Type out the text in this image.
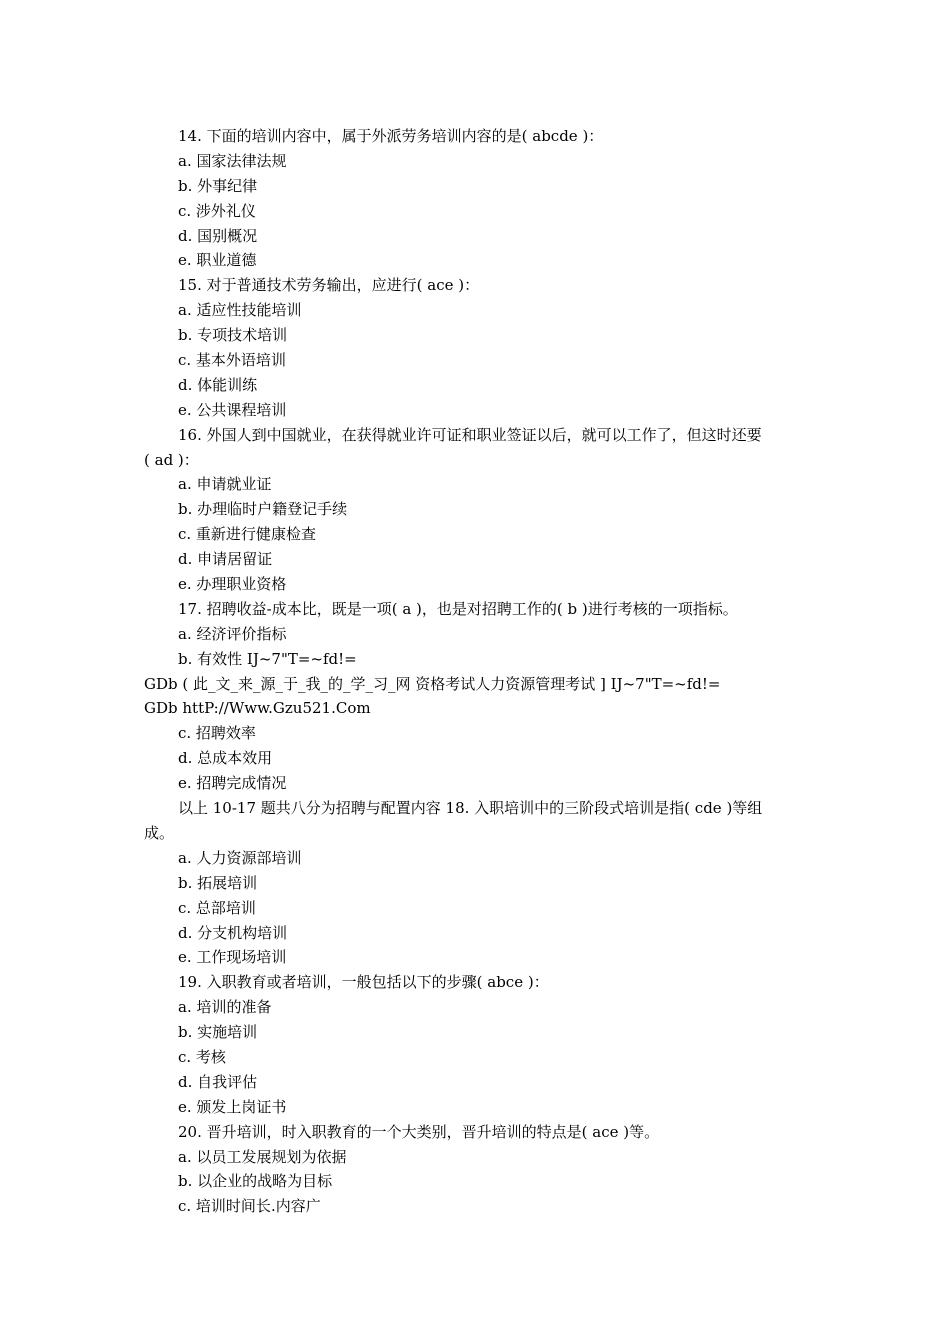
14. 下面的培训内容中，属于外派劳务培训内容的是( abcde )：
a. 国家法律法规
b. 外事纪律
c. 涉外礼仪
d. 国别概况
e. 职业道德
15. 对于普通技术劳务输出，应进行( ace )：
a. 适应性技能培训
b. 专项技术培训
c. 基本外语培训
d. 体能训练
e. 公共课程培训
16. 外国人到中国就业，在获得就业许可证和职业签证以后，就可以工作了，但这时还要
( ad )：
a. 申请就业证
b. 办理临时户籍登记手续
c. 重新进行健康检查
d. 申请居留证
e. 办理职业资格
17. 招聘收益-成本比，既是一项( a )，也是对招聘工作的( b )进行考核的一项指标。
a. 经济评价指标
b. 有效性 IJ~7"T=~fd!=
GDb ( 此_文_来_源_于_我_的_学_习_网 资格考试人力资源管理考试 ] IJ~7"T=~fd!=
GDb httP://Www.Gzu521.Com
c. 招聘效率
d. 总成本效用
e. 招聘完成情况
以上 10-17 题共八分为招聘与配置内容 18. 入职培训中的三阶段式培训是指( cde )等组
成。
a. 人力资源部培训
b. 拓展培训
c. 总部培训
d. 分支机构培训
e. 工作现场培训
19. 入职教育或者培训，一般包括以下的步骤( abce )：
a. 培训的准备
b. 实施培训
c. 考核
d. 自我评估
e. 颁发上岗证书
20. 晋升培训，时入职教育的一个大类别，晋升培训的特点是( ace )等。
a. 以员工发展规划为依据
b. 以企业的战略为目标
c. 培训时间长.内容广
